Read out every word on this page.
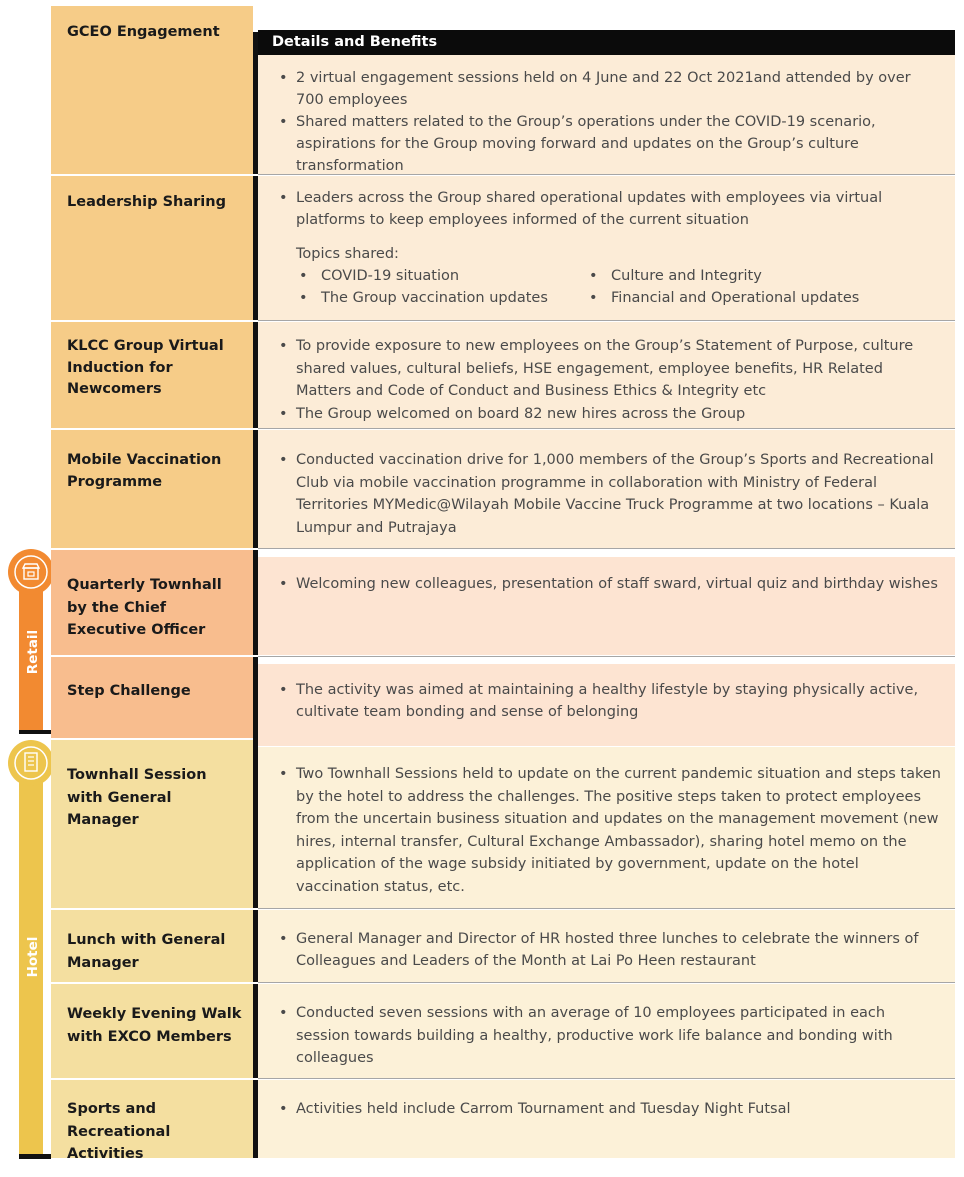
Retail
Hotel
Details and Benefits
GCEO Engagement
• 2 virtual engagement sessions held on 4 June and 22 Oct 2021and attended by over 700 employees
• Shared matters related to the Group’s operations under the COVID-19 scenario, aspirations for the Group moving forward and updates on the Group’s culture transformation
Leadership Sharing	• Leaders across the Group shared operational updates with employees via virtual platforms to keep employees informed of the current situation
Topics shared:
• COVID-19 situation
• The Group vaccination updates
• Culture and Integrity
• Financial and Operational updates
KLCC Group Virtual Induction for Newcomers
• To provide exposure to new employees on the Group’s Statement of Purpose, culture shared values, cultural beliefs, HSE engagement, employee benefits, HR Related Matters and Code of Conduct and Business Ethics & Integrity etc
• The Group welcomed on board 82 new hires across the Group
Mobile Vaccination Programme
• Conducted vaccination drive for 1,000 members of the Group’s Sports and Recreational Club via mobile vaccination programme in collaboration with Ministry of Federal Territories MYMedic@Wilayah Mobile Vaccine Truck Programme at two locations – Kuala Lumpur and Putrajaya
Quarterly Townhall by the Chief Executive Officer
• Welcoming new colleagues, presentation of staff sward, virtual quiz and birthday wishes
Step Challenge	• The activity was aimed at maintaining a healthy lifestyle by staying physically active, cultivate team bonding and sense of belonging
Townhall Session with General Manager
• Two Townhall Sessions held to update on the current pandemic situation and steps taken by the hotel to address the challenges. The positive steps taken to protect employees from the uncertain business situation and updates on the management movement (new hires, internal transfer, Cultural Exchange Ambassador), sharing hotel memo on the application of the wage subsidy initiated by government, update on the hotel vaccination status, etc.
Lunch with General Manager
• General Manager and Director of HR hosted three lunches to celebrate the winners of Colleagues and Leaders of the Month at Lai Po Heen restaurant
Weekly Evening Walk with EXCO Members
• Conducted seven sessions with an average of 10 employees participated in each session towards building a healthy, productive work life balance and bonding with colleagues
Sports and Recreational Activities
• Activities held include Carrom Tournament and Tuesday Night Futsal
